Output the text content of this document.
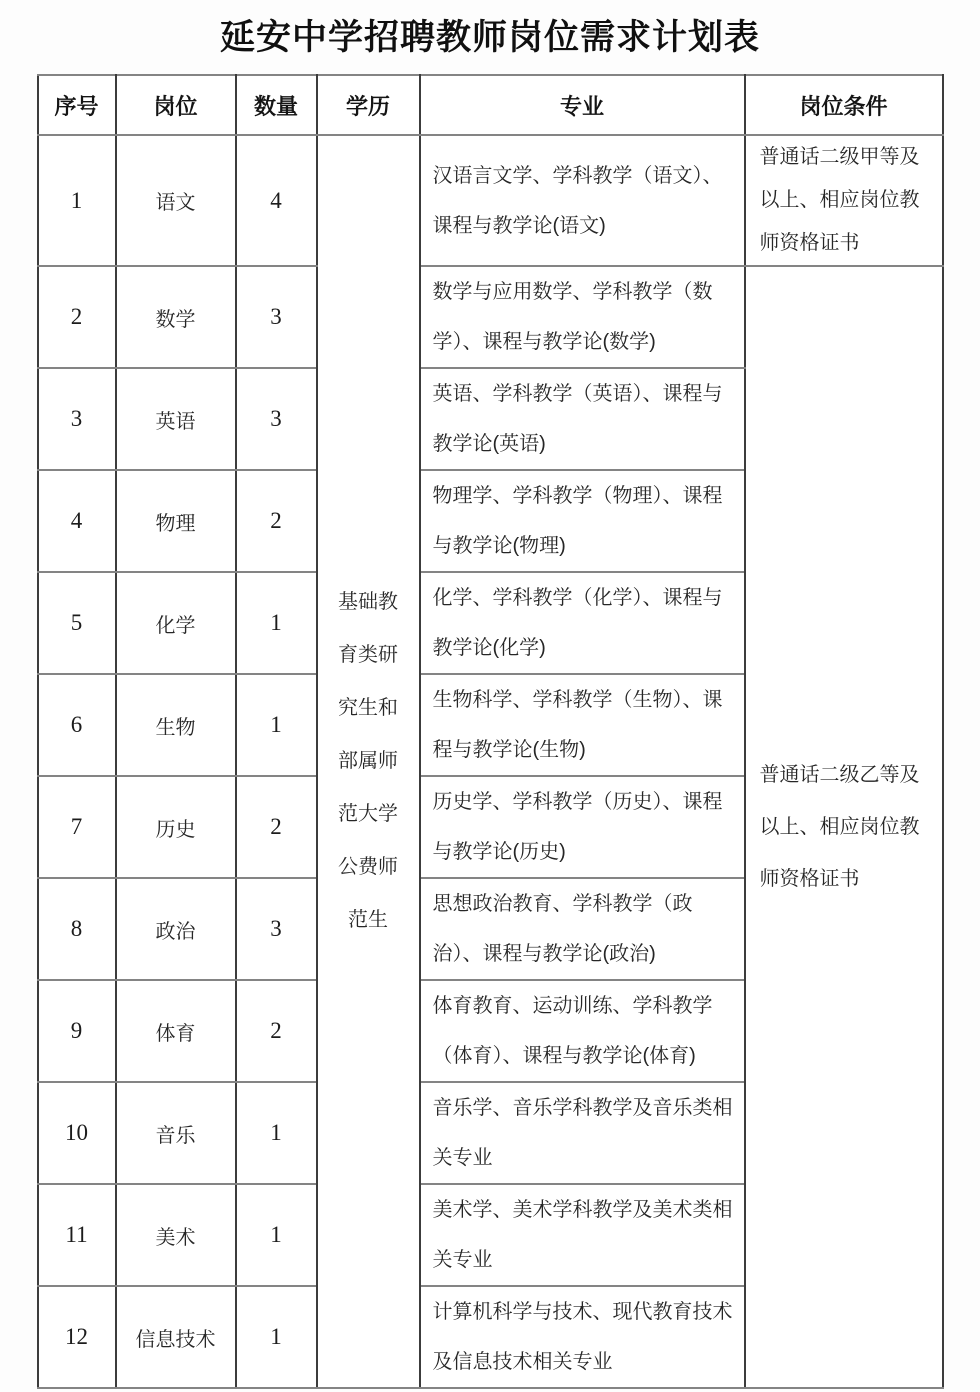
延安中学招聘教师岗位需求计划表
序号	岗位	数量	学历	专业	岗位条件
1	语文	4	基础教育类研究生和部属师范大学公费师范生	汉语言文学、学科教学（语文）、课程与教学论(语文)	普通话二级甲等及以上、相应岗位教师资格证书
2	数学	3		数学与应用数学、学科教学（数学）、课程与教学论(数学)	普通话二级乙等及以上、相应岗位教师资格证书
3	英语	3		英语、学科教学（英语）、课程与教学论(英语)	
4	物理	2		物理学、学科教学（物理）、课程与教学论(物理)	
5	化学	1		化学、学科教学（化学）、课程与教学论(化学)	
6	生物	1		生物科学、学科教学（生物）、课程与教学论(生物)	
7	历史	2		历史学、学科教学（历史）、课程与教学论(历史)	
8	政治	3		思想政治教育、学科教学（政治）、课程与教学论(政治)	
9	体育	2		体育教育、运动训练、学科教学（体育）、课程与教学论(体育)	
10	音乐	1		音乐学、音乐学科教学及音乐类相关专业	
11	美术	1		美术学、美术学科教学及美术类相关专业	
12	信息技术	1		计算机科学与技术、现代教育技术及信息技术相关专业	
